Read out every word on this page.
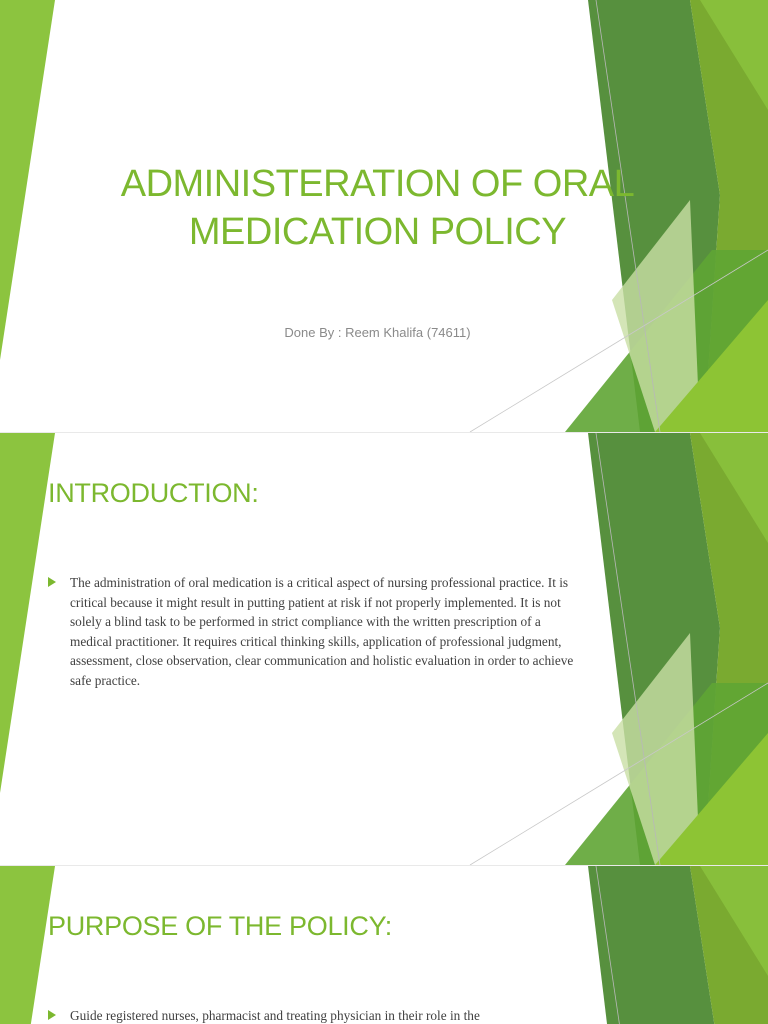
ADMINISTERATION OF ORAL MEDICATION POLICY
Done By : Reem Khalifa (74611)
INTRODUCTION:
The administration of oral medication is a critical aspect of nursing professional practice. It is critical because it might result in putting patient at risk if not properly implemented. It is not solely a blind task to be performed in strict compliance with the written prescription of a medical practitioner. It requires critical thinking skills, application of professional judgment, assessment, close observation, clear communication and holistic evaluation in order to achieve safe practice.
PURPOSE OF THE POLICY:
Guide registered nurses, pharmacist and treating physician in their role in the
